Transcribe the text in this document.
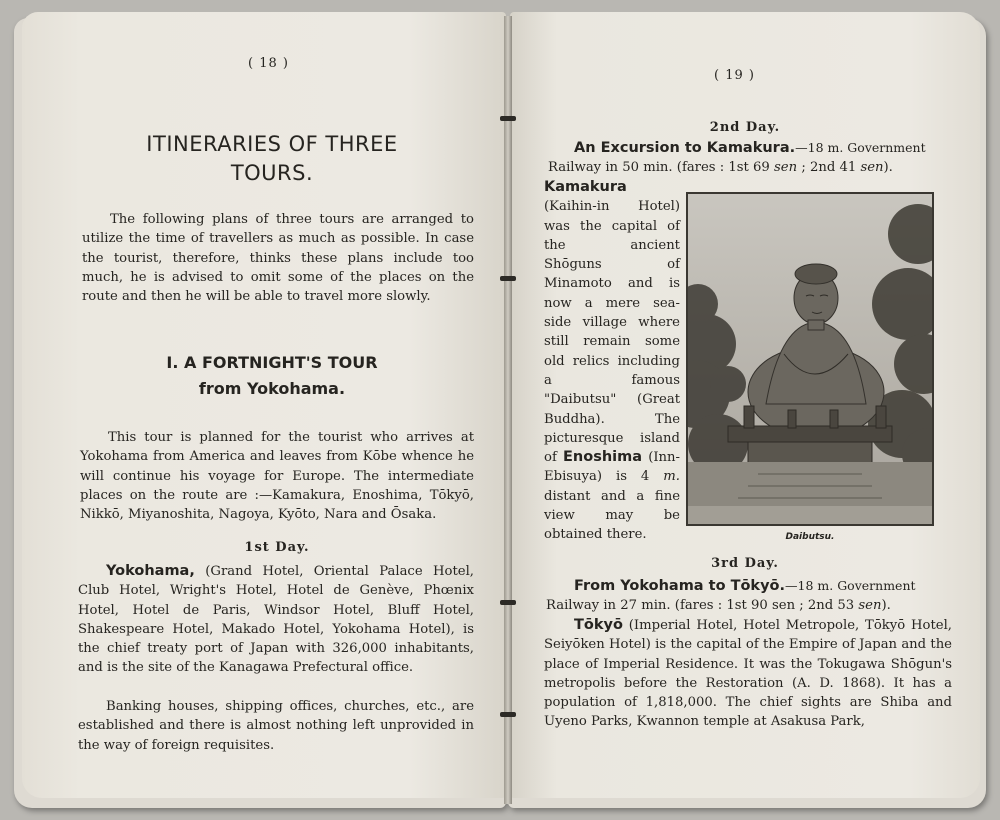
( 18 )
ITINERARIES OF THREE
TOURS.
The following plans of three tours are arranged to utilize the time of travellers as much as possible. In case the tourist, therefore, thinks these plans include too much, he is advised to omit some of the places on the route and then he will be able to travel more slowly.
I. A FORTNIGHT'S TOUR
from Yokohama.
This tour is planned for the tourist who arrives at Yokohama from America and leaves from Kōbe whence he will continue his voyage for Europe. The intermediate places on the route are :—Kamakura, Enoshima, Tōkyō, Nikkō, Miyanoshita, Nagoya, Kyōto, Nara and Ōsaka.
1st Day.
Yokohama, (Grand Hotel, Oriental Palace Hotel, Club Hotel, Wright's Hotel, Hotel de Genève, Phœnix Hotel, Hotel de Paris, Windsor Hotel, Bluff Hotel, Shakespeare Hotel, Makado Hotel, Yokohama Hotel), is the chief treaty port of Japan with 326,000 inhabitants, and is the site of the Kanagawa Prefectural office.
Banking houses, shipping offices, churches, etc., are established and there is almost nothing left unprovided in the way of foreign requisites.
( 19 )
2nd Day.
An Excursion to Kamakura.—18 m. Government
Railway in 50 min. (fares : 1st 69 sen ; 2nd 41 sen).
Kamakura (Kaihin-in Hotel) was the capital of the ancient Shōguns of Minamoto and is now a mere sea-side village where still remain some old relics including a famous "Daibutsu" (Great Buddha). The picturesque island of Enoshima (Inn-Ebisuya) is 4 m. distant and a fine view may be obtained there.	Daibutsu.
3rd Day.
From Yokohama to Tōkyō.—18 m. Government
Railway in 27 min. (fares : 1st 90 sen ; 2nd 53 sen).
Tōkyō (Imperial Hotel, Hotel Metropole, Tōkyō Hotel, Seiyōken Hotel) is the capital of the Empire of Japan and the place of Imperial Residence. It was the Tokugawa Shōgun's metropolis before the Restoration (A. D. 1868). It has a population of 1,818,000. The chief sights are Shiba and Uyeno Parks, Kwannon temple at Asakusa Park,
